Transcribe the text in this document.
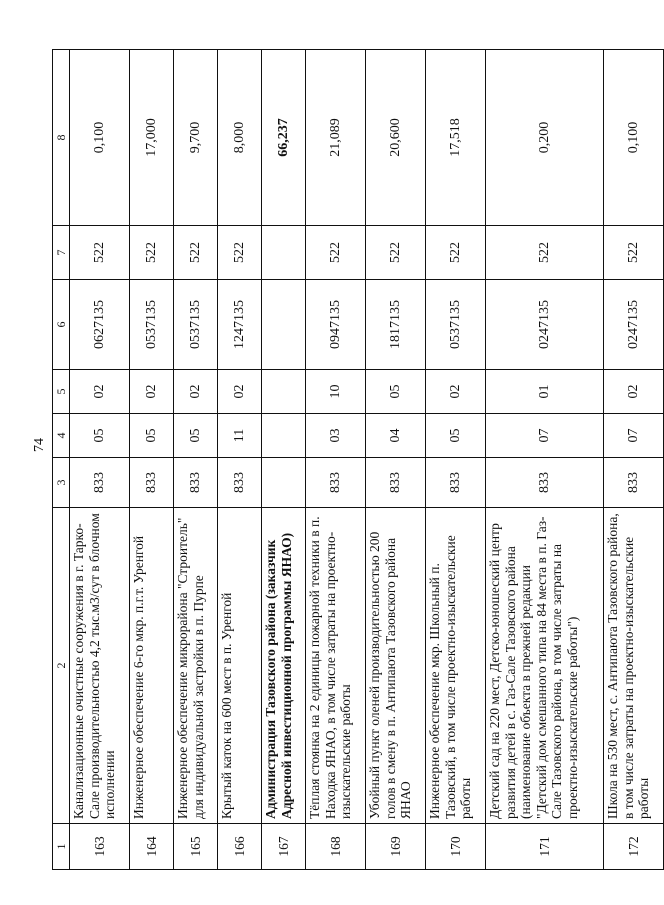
74
1	2	3	4	5	6	7	8
163	Канализационные очистные сооружения в г. Тарко-Сале производительностью 4,2 тыс.м3/сут в блочном исполнении	833	05	02	0627135	522	0,100
164	Инженерное обеспечение 6-го мкр. п.г.т. Уренгой	833	05	02	0537135	522	17,000
165	Инженерное обеспечение микрорайона "Строитель" для индивидуальной застройки в п. Пурпе	833	05	02	0537135	522	9,700
166	Крытый каток на 600 мест в п. Уренгой	833	11	02	1247135	522	8,000
167	Администрация Тазовского района (заказчик Адресной инвестиционной программы ЯНАО)						66,237
168	Тёплая стоянка на 2 единицы пожарной техники в п. Находка ЯНАО, в том числе затраты на проектно-изыскательские работы	833	03	10	0947135	522	21,089
169	Убойный пункт оленей производительностью 200 голов в смену в п. Антипаюта Тазовского района ЯНАО	833	04	05	1817135	522	20,600
170	Инженерное обеспечение мкр. Школьный п. Тазовский, в том числе проектно-изыскательские работы	833	05	02	0537135	522	17,518
171	Детский сад на 220 мест, Детско-юношеский центр развития детей в с. Газ-Сале Тазовского района (наименование объекта в прежней редакции "Детский дом смешанного типа на 84 места в п. Газ-Сале Тазовского района, в том числе затраты на проектно-изыскательские работы")	833	07	01	0247135	522	0,200
172	Школа на 530 мест, с. Антипаюта Тазовского района, в том числе затраты на проектно-изыскательские работы	833	07	02	0247135	522	0,100
